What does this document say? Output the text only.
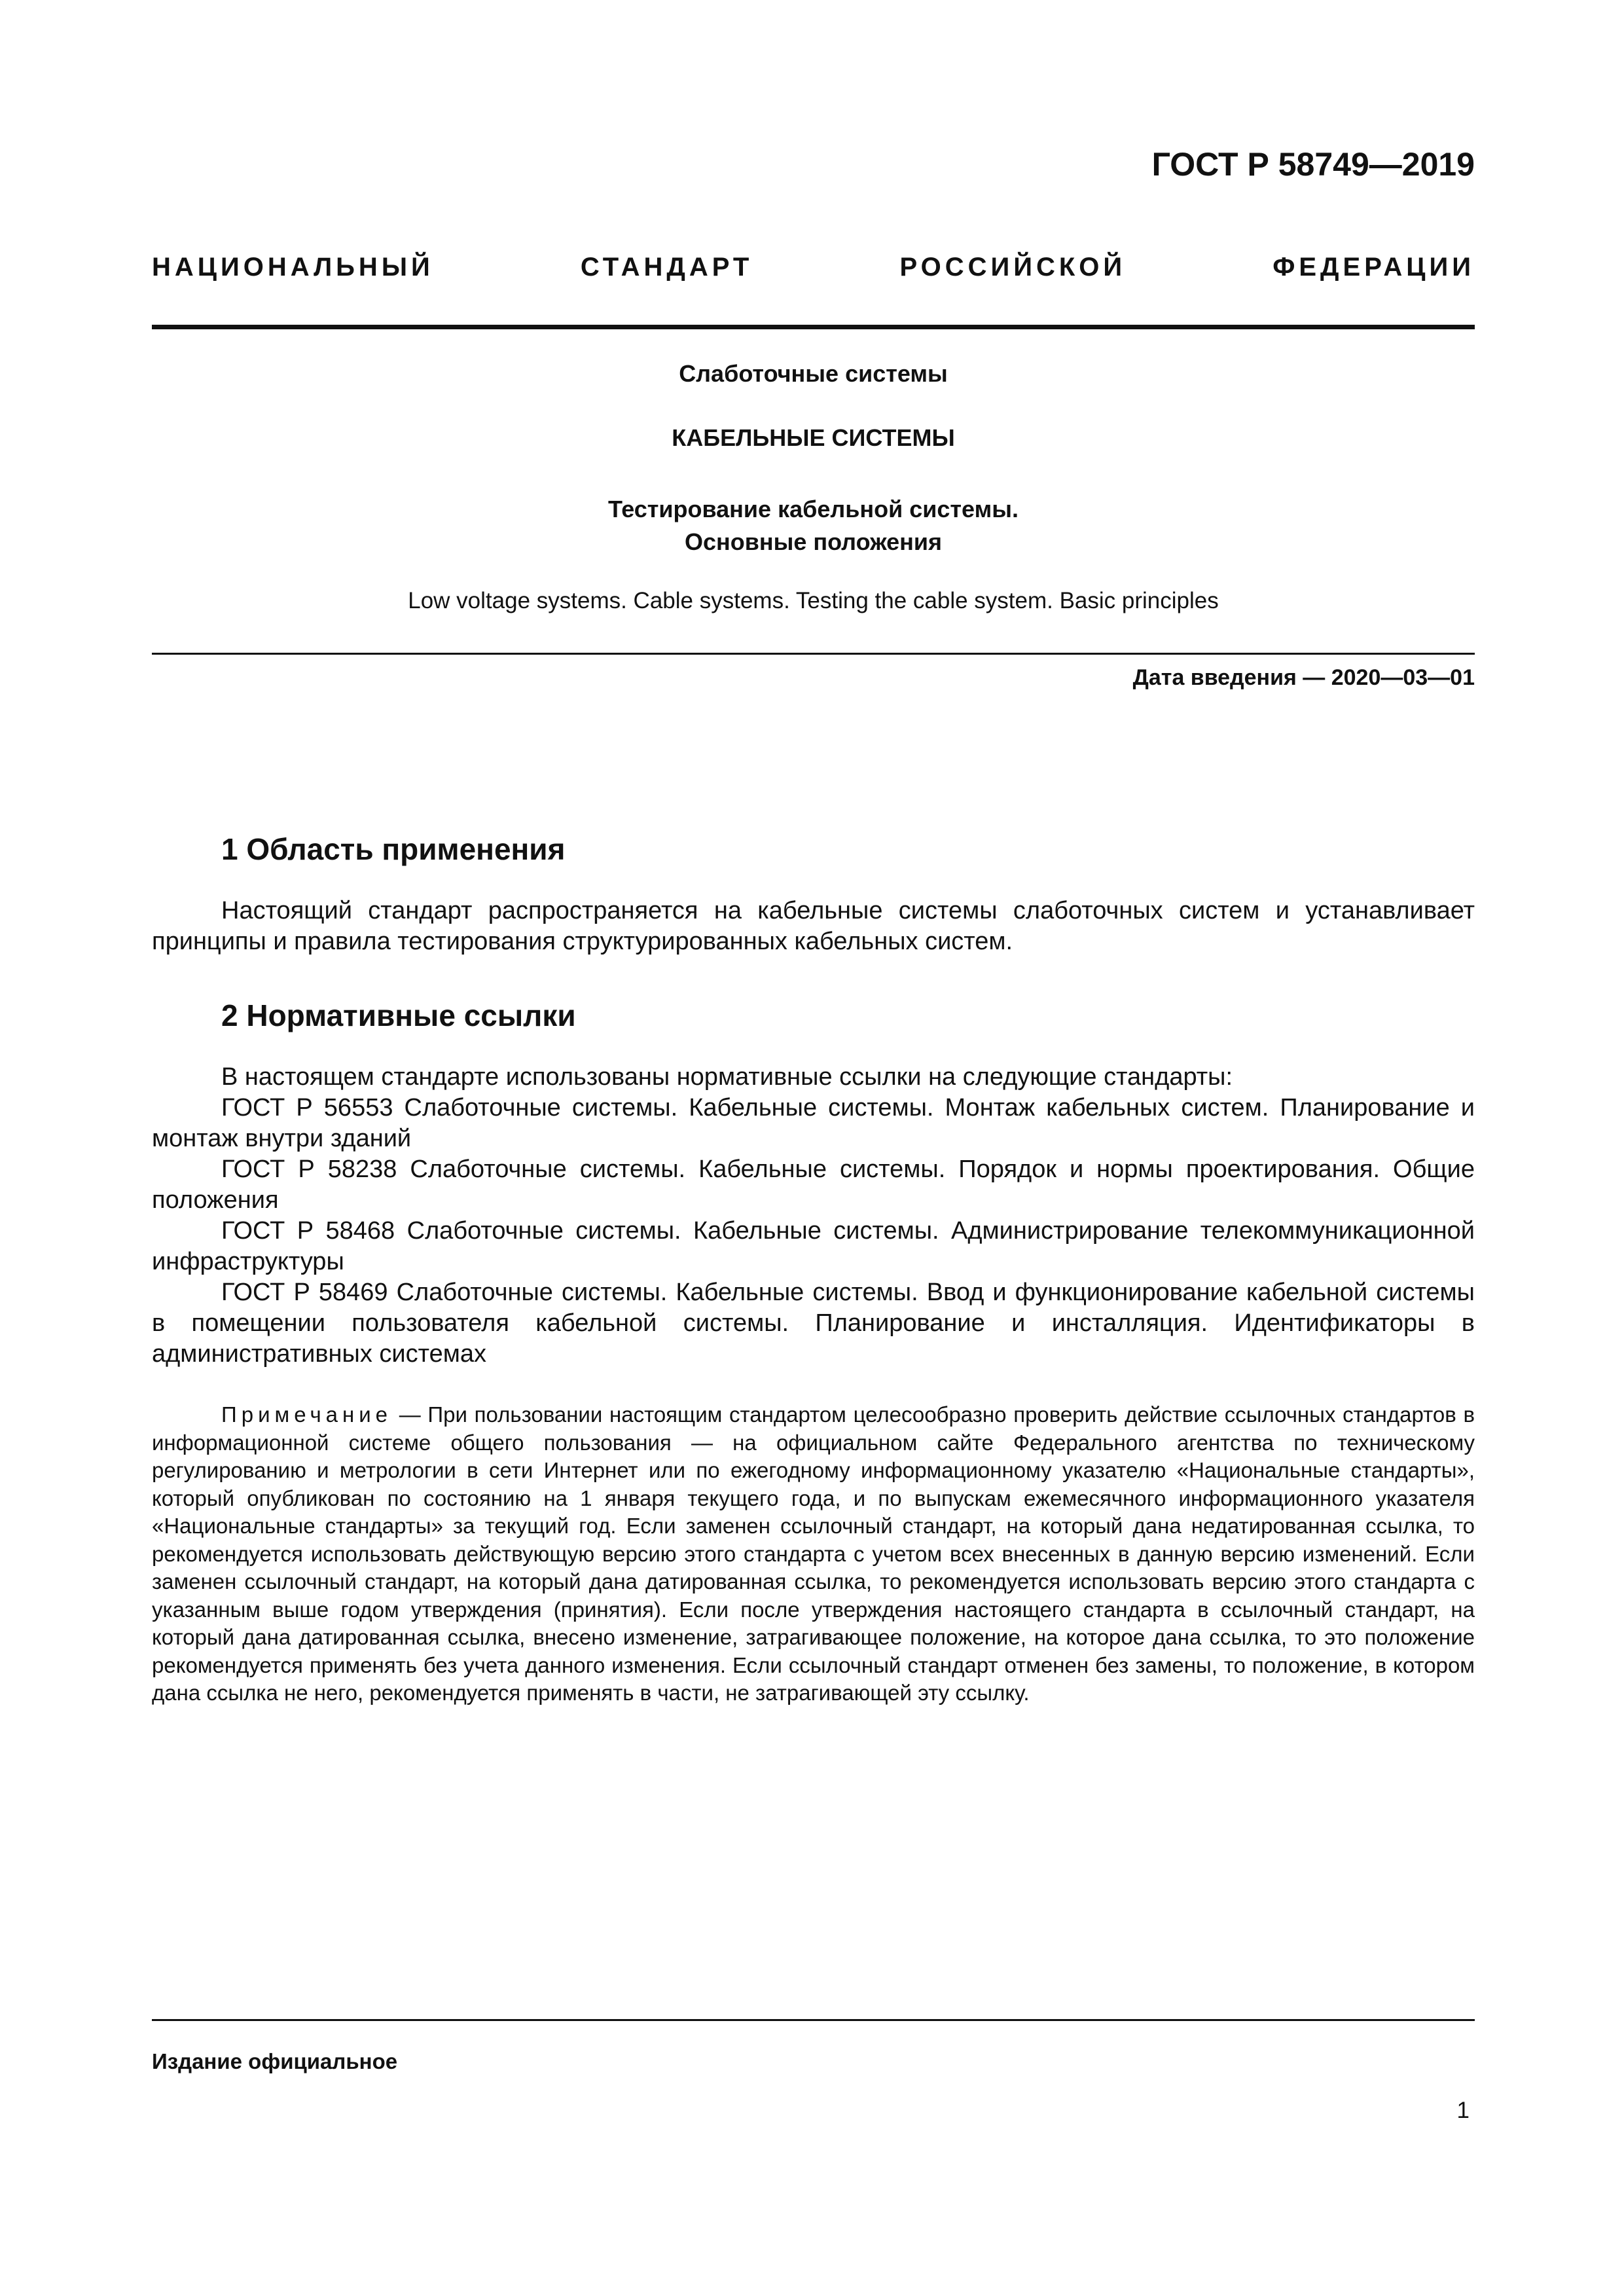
ГОСТ Р 58749—2019
НАЦИОНАЛЬНЫЙ СТАНДАРТ РОССИЙСКОЙ ФЕДЕРАЦИИ
Слаботочные системы
КАБЕЛЬНЫЕ СИСТЕМЫ
Тестирование кабельной системы.
Основные положения
Low voltage systems. Cable systems. Testing the cable system. Basic principles
Дата введения — 2020—03—01
1 Область применения

Настоящий стандарт распространяется на кабельные системы слаботочных систем и устанавливает принципы и правила тестирования структурированных кабельных систем.

2 Нормативные ссылки

В настоящем стандарте использованы нормативные ссылки на следующие стандарты:

ГОСТ Р 56553 Слаботочные системы. Кабельные системы. Монтаж кабельных систем. Планирование и монтаж внутри зданий

ГОСТ Р 58238 Слаботочные системы. Кабельные системы. Порядок и нормы проектирования. Общие положения

ГОСТ Р 58468 Слаботочные системы. Кабельные системы. Администрирование телекоммуникационной инфраструктуры

ГОСТ Р 58469 Слаботочные системы. Кабельные системы. Ввод и функционирование кабельной системы в помещении пользователя кабельной системы. Планирование и инсталляция. Идентификаторы в административных системах

Примечание — При пользовании настоящим стандартом целесообразно проверить действие ссылочных стандартов в информационной системе общего пользования — на официальном сайте Федерального агентства по техническому регулированию и метрологии в сети Интернет или по ежегодному информационному указателю «Национальные стандарты», который опубликован по состоянию на 1 января текущего года, и по выпускам ежемесячного информационного указателя «Национальные стандарты» за текущий год. Если заменен ссылочный стандарт, на который дана недатированная ссылка, то рекомендуется использовать действующую версию этого стандарта с учетом всех внесенных в данную версию изменений. Если заменен ссылочный стандарт, на который дана датированная ссылка, то рекомендуется использовать версию этого стандарта с указанным выше годом утверждения (принятия). Если после утверждения настоящего стандарта в ссылочный стандарт, на который дана датированная ссылка, внесено изменение, затрагивающее положение, на которое дана ссылка, то это положение рекомендуется применять без учета данного изменения. Если ссылочный стандарт отменен без замены, то положение, в котором дана ссылка не него, рекомендуется применять в части, не затрагивающей эту ссылку.

Издание официальное
1
